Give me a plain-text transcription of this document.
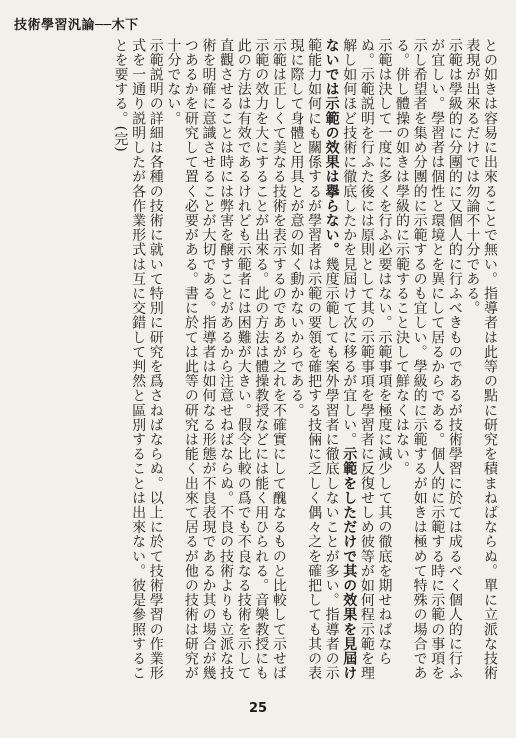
技術學習汎論──木下

との如きは容易に出來ることで無い。指導者は此等の點に研究を積まねばならぬ。單に立派な技術表現が出來るだけでは勿論不十分である。

示範は學級的に分團的に又個人的に行ふべきものであるが技術學習に於ては成るべく個人的に行ふが宜しい。學習者は個性と環境とを異にして居るからである。個人的に示範する時に示範の事項を示し希望者を集め分團的に示範するのも宜しい。學級的に示範するが如きは極めて特殊の場合である。併し體操の如きは學級的に示範すること決して鮮なくはない。

示範は決して一度に多くを行ふ必要はない。示範事項を極度に減少して其の徹底を期せねばならぬ。示範説明を行ふた後には原則として其の示範事項を學習者に反復せしめ彼等が如何程示範を理解し如何ほど技術に徹底したかを見屆けて次に移るが宜しい。示範をしただけで其の效果を見屆けないでは示範の效果は擧らない。幾度示範しても案外學習者に徹底しないことが多い。指導者の示範能力如何にも關係するが學習者は示範の要領を確把する技倆に乏しく偶々之を確把しても其の表現に際して身體と用具とが意の如く動かないからである。

示範は正しくて美なる技術を表示するのであるが之れを不確實にして醜なるものと比較して示せば示範の效力を大にすることが出來る。此の方法は體操教授などには能く用ひられる。音樂教授にも此の方法は有效であるけれども示範者には困難が大きい。假令比較の爲でも不良なる技術を示して直觀させることは時には弊害を醸すことがあるから注意せねばならぬ。不良の技術よりも立派な技術を明確に意識させることが大切である。指導者は如何なる形態が不良表現であるか其の場合が幾つあるかを研究して置く必要がある。書に於ては此等の研究は能く出來て居るが他の技術は研究が十分でない。

示範説明の詳細は各種の技術に就いて特別に研究を爲さねばならぬ。以上に於て技術學習の作業形式を一通り説明したが各作業形式は互に交錯して判然と區別することは出來ない。彼是參照することを要する。(完)

25
